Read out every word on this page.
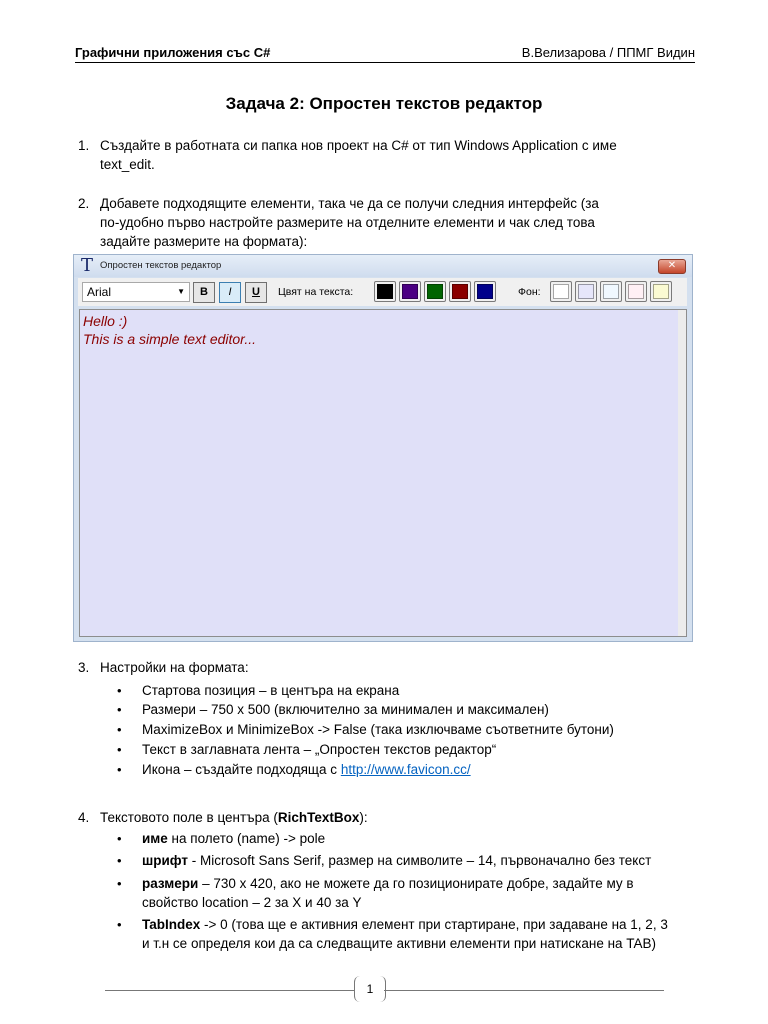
Графични приложения със C#	В.Велизарова / ППМГ Видин
Задача 2: Опростен текстов редактор
1. Създайте в работната си папка нов проект на C# от тип Windows Application с име
text_edit.
2. Добавете подходящите елементи, така че да се получи следния интерфейс (за
по-удобно първо настройте размерите на отделните елементи и чак след това
задайте размерите на формата):
T Опростен текстов редактор	✕
Arial	▼	B	I	U	Цвят на текста:	Фон:
Hello :)
This is a simple text editor...
3. Настройки на формата:
• Стартова позиция – в центъра на екрана
• Размери – 750 x 500 (включително за минимален и максимален)
• MaximizeBox и MinimizeBox -> False (така изключваме съответните бутони)
• Текст в заглавната лента – „Опростен текстов редактор“
• Икона – създайте подходяща с http://www.favicon.cc/
4. Текстовото поле в центъра (RichTextBox):
• име на полето (name) -> pole
• шрифт - Microsoft Sans Serif, размер на символите – 14, първоначално без текст
• размери – 730 x 420, ако не можете да го позиционирате добре, задайте му в
свойство location – 2 за X и 40 за Y
• TabIndex -> 0 (това ще е активния елемент при стартиране, при задаване на 1, 2, 3
и т.н се определя кои да са следващите активни елементи при натискане на TAB)
1
